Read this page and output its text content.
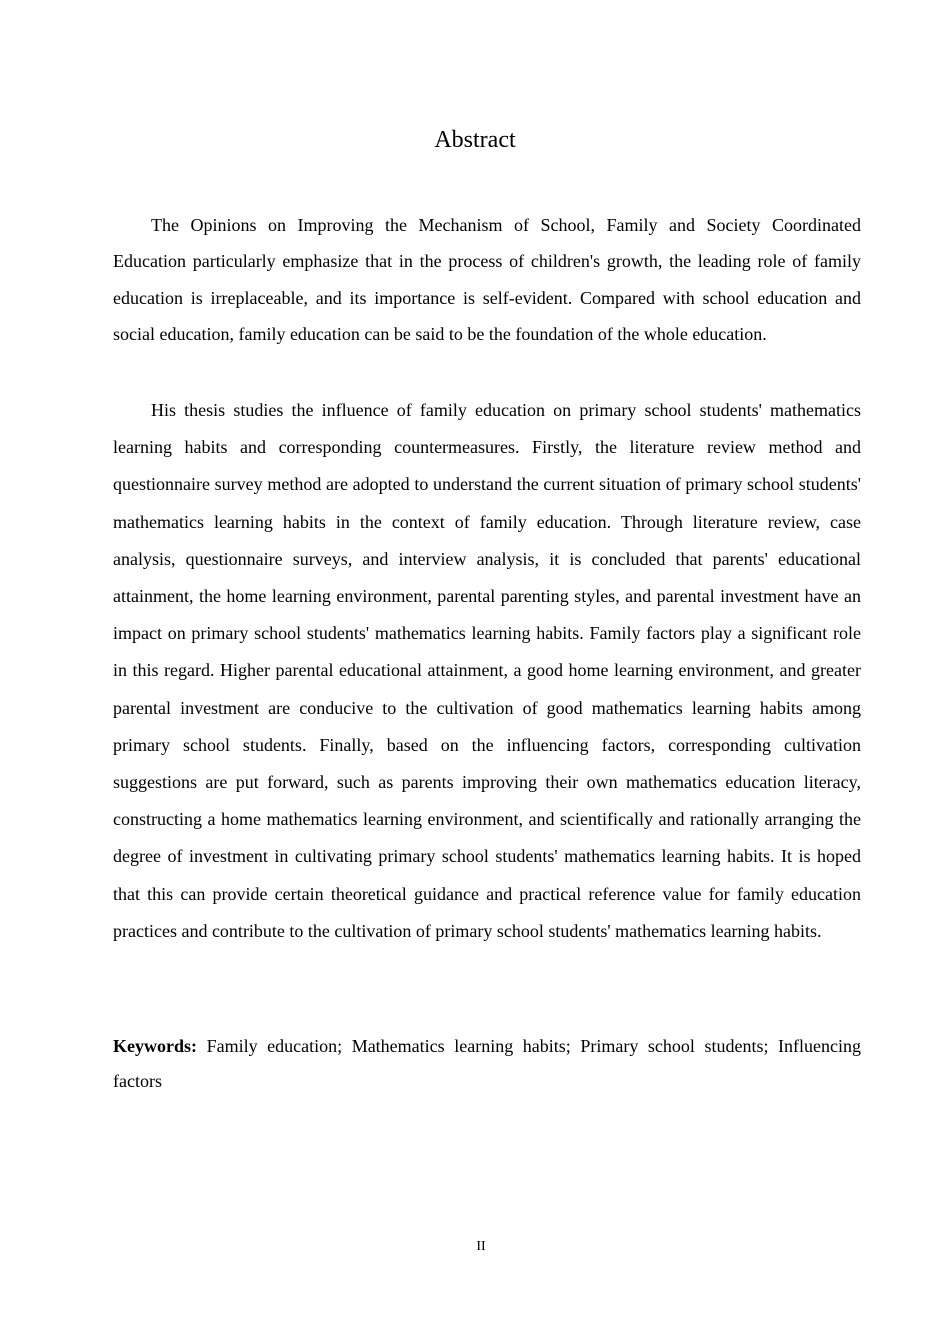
Abstract

The Opinions on Improving the Mechanism of School, Family and Society Coordinated Education particularly emphasize that in the process of children's growth, the leading role of family education is irreplaceable, and its importance is self-evident. Compared with school education and social education, family education can be said to be the foundation of the whole education.

His thesis studies the influence of family education on primary school students' mathematics learning habits and corresponding countermeasures. Firstly, the literature review method and questionnaire survey method are adopted to understand the current situation of primary school students' mathematics learning habits in the context of family education. Through literature review, case analysis, questionnaire surveys, and interview analysis, it is concluded that parents' educational attainment, the home learning environment, parental parenting styles, and parental investment have an impact on primary school students' mathematics learning habits. Family factors play a significant role in this regard. Higher parental educational attainment, a good home learning environment, and greater parental investment are conducive to the cultivation of good mathematics learning habits among primary school students. Finally, based on the influencing factors, corresponding cultivation suggestions are put forward, such as parents improving their own mathematics education literacy, constructing a home mathematics learning environment, and scientifically and rationally arranging the degree of investment in cultivating primary school students' mathematics learning habits. It is hoped that this can provide certain theoretical guidance and practical reference value for family education practices and contribute to the cultivation of primary school students' mathematics learning habits.

Keywords: Family education; Mathematics learning habits; Primary school students; Influencing factors

II
